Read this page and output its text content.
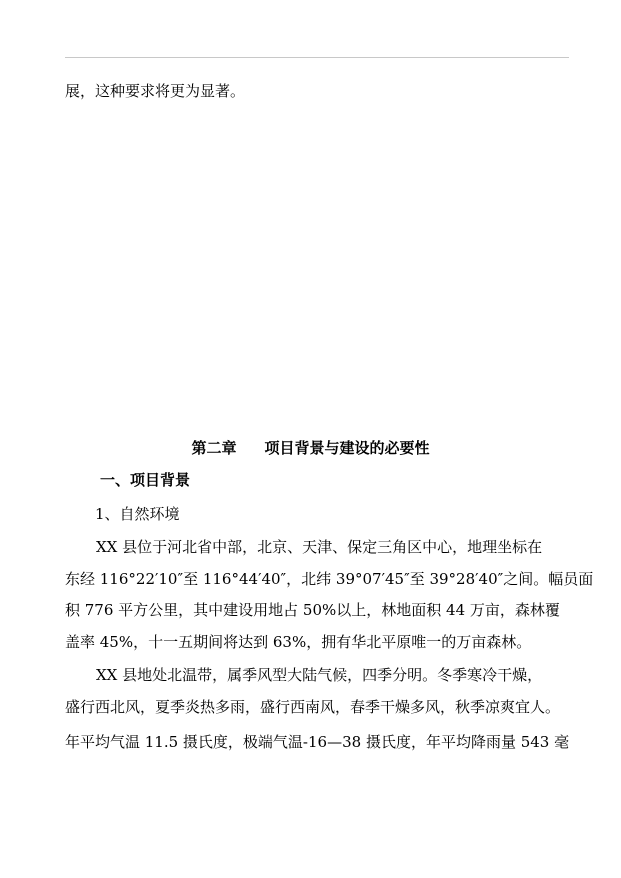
展，这种要求将更为显著。
第二章 项目背景与建设的必要性
一、项目背景
1、自然环境
XX 县位于河北省中部，北京、天津、保定三角区中心，地理坐标在
东经 116°22′10″至 116°44′40″，北纬 39°07′45″至 39°28′40″之间。幅员面
积 776 平方公里，其中建设用地占 50%以上，林地面积 44 万亩，森林覆
盖率 45%，十一五期间将达到 63%，拥有华北平原唯一的万亩森林。
XX 县地处北温带，属季风型大陆气候，四季分明。冬季寒冷干燥，
盛行西北风，夏季炎热多雨，盛行西南风，春季干燥多风，秋季凉爽宜人。
年平均气温 11.5 摄氏度，极端气温-16—38 摄氏度，年平均降雨量 543 毫
